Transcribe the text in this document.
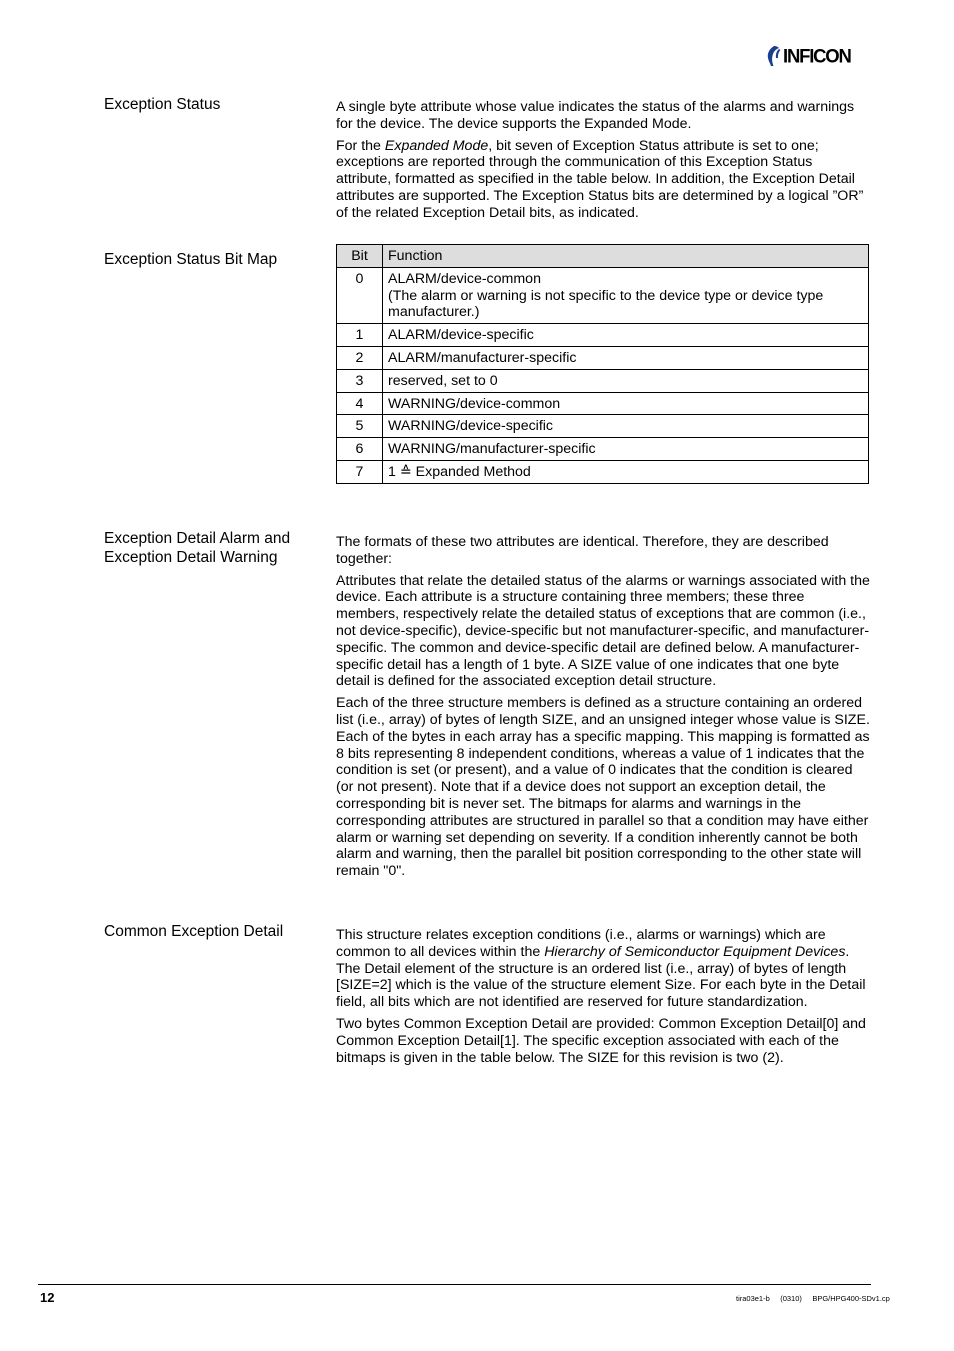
INFICON
Exception Status	A single byte attribute whose value indicates the status of the alarms and warnings for the device. The device supports the Expanded Mode.

For the Expanded Mode, bit seven of Exception Status attribute is set to one; exceptions are reported through the communication of this Exception Status attribute, formatted as specified in the table below. In addition, the Exception Detail attributes are supported. The Exception Status bits are determined by a logical ”OR” of the related Exception Detail bits, as indicated.

Exception Status Bit Map	Bit	Function
0	ALARM/device-common
(The alarm or warning is not specific to the device type or device type manufacturer.)

1	ALARM/device-specific
2	ALARM/manufacturer-specific
3	reserved, set to 0
4	WARNING/device-common
5	WARNING/device-specific
6	WARNING/manufacturer-specific
7	1 ≙ Expanded Method
Exception Detail Alarm and
Exception Detail Warning

The formats of these two attributes are identical. Therefore, they are described together:

Attributes that relate the detailed status of the alarms or warnings associated with the device. Each attribute is a structure containing three members; these three members, respectively relate the detailed status of exceptions that are common (i.e., not device-specific), device-specific but not manufacturer-specific, and manufacturer-specific. The common and device-specific detail are defined below. A manufacturer-specific detail has a length of 1 byte. A SIZE value of one indicates that one byte detail is defined for the associated exception detail structure.

Each of the three structure members is defined as a structure containing an ordered list (i.e., array) of bytes of length SIZE, and an unsigned integer whose value is SIZE. Each of the bytes in each array has a specific mapping. This mapping is formatted as 8 bits representing 8 independent conditions, whereas a value of 1 indicates that the condition is set (or present), and a value of 0 indicates that the condition is cleared (or not present). Note that if a device does not support an exception detail, the corresponding bit is never set. The bitmaps for alarms and warnings in the corresponding attributes are structured in parallel so that a condition may have either alarm or warning set depending on severity. If a condition inherently cannot be both alarm and warning, then the parallel bit position corresponding to the other state will remain "0".

Common Exception Detail	This structure relates exception conditions (i.e., alarms or warnings) which are common to all devices within the Hierarchy of Semiconductor Equipment Devices. The Detail element of the structure is an ordered list (i.e., array) of bytes of length [SIZE=2] which is the value of the structure element Size. For each byte in the Detail field, all bits which are not identified are reserved for future standardization.

Two bytes Common Exception Detail are provided: Common Exception Detail[0] and Common Exception Detail[1]. The specific exception associated with each of the bitmaps is given in the table below. The SIZE for this revision is two (2).

12	tira03e1-b (0310) BPG/HPG400-SDv1.cp
